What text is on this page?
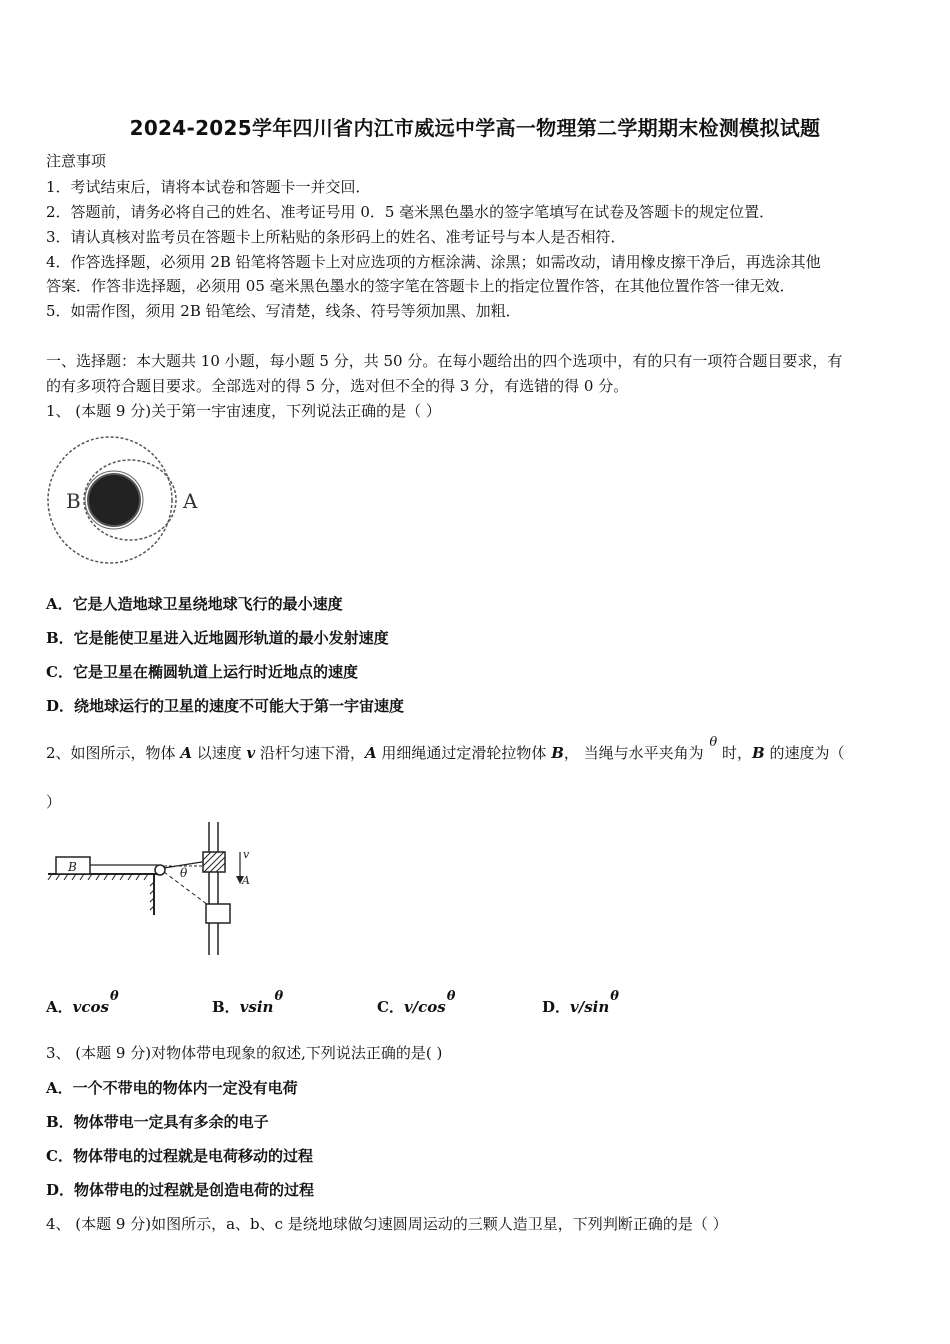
2024-2025学年四川省内江市威远中学高一物理第二学期期末检测模拟试题
注意事项
1．考试结束后，请将本试卷和答题卡一并交回．
2．答题前，请务必将自己的姓名、准考证号用 0．5 毫米黑色墨水的签字笔填写在试卷及答题卡的规定位置．
3．请认真核对监考员在答题卡上所粘贴的条形码上的姓名、准考证号与本人是否相符．
4．作答选择题，必须用 2B 铅笔将答题卡上对应选项的方框涂满、涂黑；如需改动，请用橡皮擦干净后，再选涂其他
答案．作答非选择题，必须用 05 毫米黑色墨水的签字笔在答题卡上的指定位置作答，在其他位置作答一律无效．
5．如需作图，须用 2B 铅笔绘、写清楚，线条、符号等须加黑、加粗．
一、选择题：本大题共 10 小题，每小题 5 分，共 50 分。在每小题给出的四个选项中，有的只有一项符合题目要求，有
的有多项符合题目要求。全部选对的得 5 分，选对但不全的得 3 分，有选错的得 0 分。
1、 (本题 9 分)关于第一宇宙速度，下列说法正确的是（ ）
B	A
A．它是人造地球卫星绕地球飞行的最小速度
B．它是能使卫星进入近地圆形轨道的最小发射速度
C．它是卫星在椭圆轨道上运行时近地点的速度
D．绕地球运行的卫星的速度不可能大于第一宇宙速度
2、如图所示，物体 A 以速度 v 沿杆匀速下滑，A 用细绳通过定滑轮拉物体 B， 当绳与水平夹角为 θ 时，B 的速度为（
）
B	θ
v
A
A．vcosθ
B．vsinθ
C．v/cosθ
D．v/sinθ
3、 (本题 9 分)对物体带电现象的叙述,下列说法正确的是( )
A．一个不带电的物体内一定没有电荷
B．物体带电一定具有多余的电子
C．物体带电的过程就是电荷移动的过程
D．物体带电的过程就是创造电荷的过程
4、 (本题 9 分)如图所示，a、b、c 是绕地球做匀速圆周运动的三颗人造卫星，下列判断正确的是（ ）
